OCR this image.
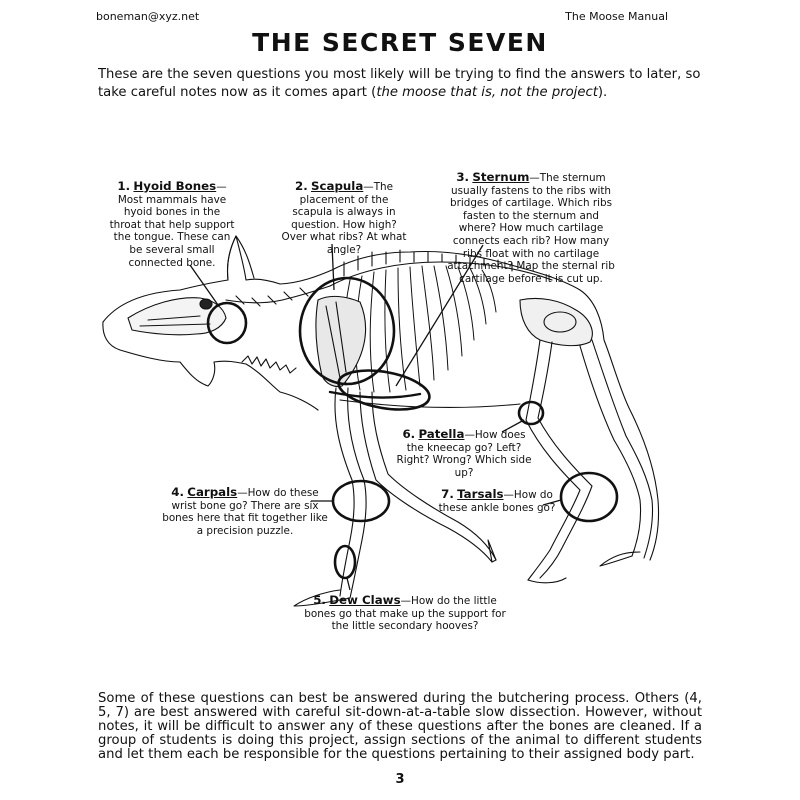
boneman@xyz.net	The Moose Manual
THE SECRET SEVEN
These are the seven questions you most likely will be trying to find the answers to later, so take careful notes now as it comes apart (the moose that is, not the project).
1. Hyoid Bones—Most mammals have hyoid bones in the throat that help support the tongue. These can be several small connected bone.
2. Scapula—The placement of the scapula is always in question. How high? Over what ribs? At what angle?
3. Sternum—The sternum usually fastens to the ribs with bridges of cartilage. Which ribs fasten to the sternum and where? How much cartilage connects each rib? How many ribs float with no cartilage attachment? Map the sternal rib cartilage before it is cut up.
4. Carpals—How do these wrist bone go? There are six bones here that fit together like a precision puzzle.
5. Dew Claws—How do the little bones go that make up the support for the little secondary hooves?
6. Patella—How does the kneecap go? Left? Right? Wrong? Which side up?
7. Tarsals—How do these ankle bones go?
Some of these questions can best be answered during the butchering process. Others (4, 5, 7) are best answered with careful sit-down-at-a-table slow dissection. However, without notes, it will be difficult to answer any of these questions after the bones are cleaned. If a group of students is doing this project, assign sections of the animal to different students and let them each be responsible for the questions pertaining to their assigned body part.
3
